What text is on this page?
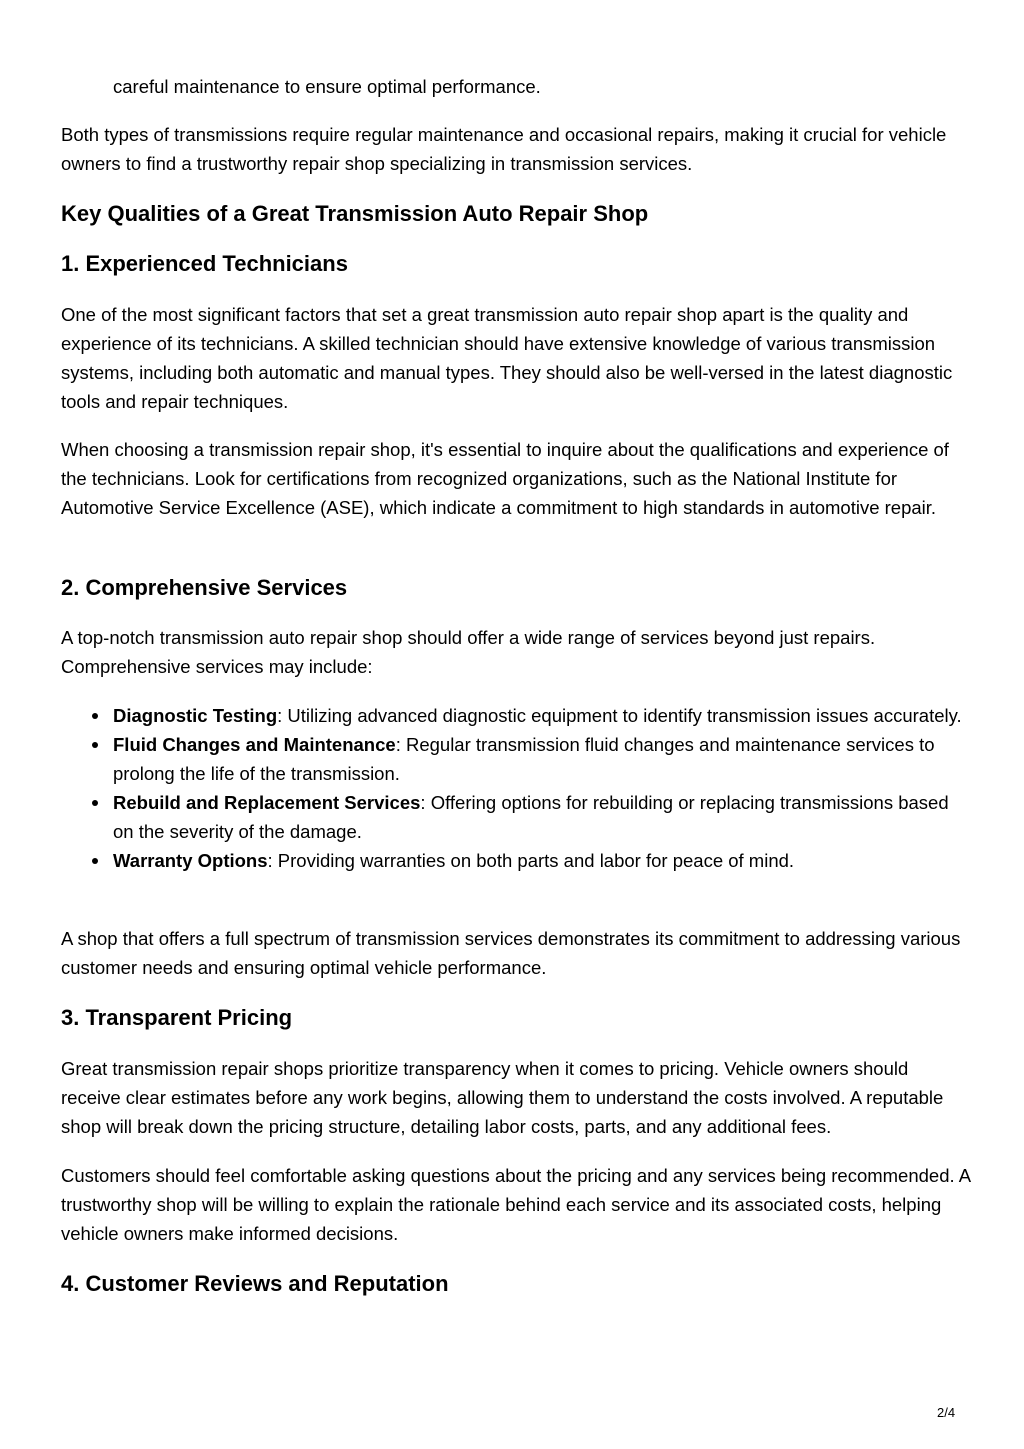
careful maintenance to ensure optimal performance.

Both types of transmissions require regular maintenance and occasional repairs, making it crucial for vehicle owners to find a trustworthy repair shop specializing in transmission services.

Key Qualities of a Great Transmission Auto Repair Shop
1. Experienced Technicians

One of the most significant factors that set a great transmission auto repair shop apart is the quality and experience of its technicians. A skilled technician should have extensive knowledge of various transmission systems, including both automatic and manual types. They should also be well-versed in the latest diagnostic tools and repair techniques.

When choosing a transmission repair shop, it's essential to inquire about the qualifications and experience of the technicians. Look for certifications from recognized organizations, such as the National Institute for Automotive Service Excellence (ASE), which indicate a commitment to high standards in automotive repair.

2. Comprehensive Services

A top-notch transmission auto repair shop should offer a wide range of services beyond just repairs. Comprehensive services may include:

Diagnostic Testing: Utilizing advanced diagnostic equipment to identify transmission issues accurately.
Fluid Changes and Maintenance: Regular transmission fluid changes and maintenance services to prolong the life of the transmission.
Rebuild and Replacement Services: Offering options for rebuilding or replacing transmissions based on the severity of the damage.
Warranty Options: Providing warranties on both parts and labor for peace of mind.

A shop that offers a full spectrum of transmission services demonstrates its commitment to addressing various customer needs and ensuring optimal vehicle performance.

3. Transparent Pricing

Great transmission repair shops prioritize transparency when it comes to pricing. Vehicle owners should receive clear estimates before any work begins, allowing them to understand the costs involved. A reputable shop will break down the pricing structure, detailing labor costs, parts, and any additional fees.

Customers should feel comfortable asking questions about the pricing and any services being recommended. A trustworthy shop will be willing to explain the rationale behind each service and its associated costs, helping vehicle owners make informed decisions.

4. Customer Reviews and Reputation
2/4
